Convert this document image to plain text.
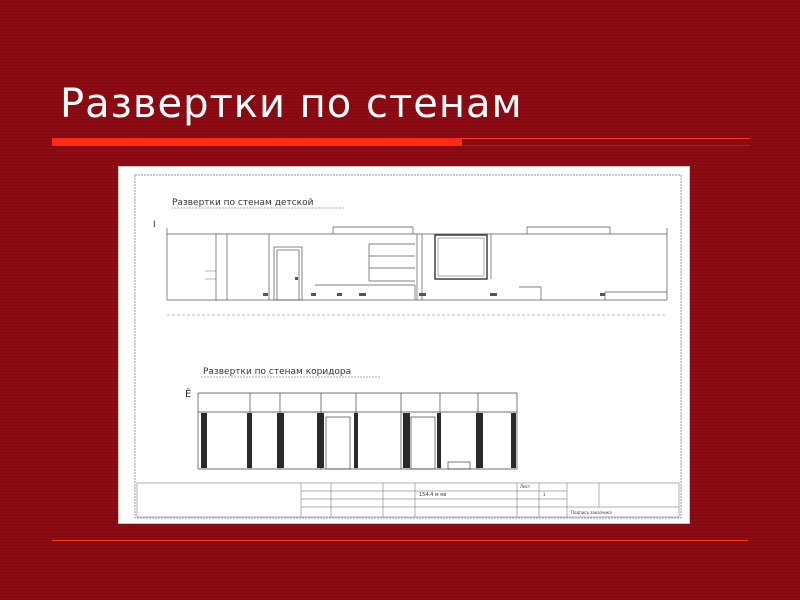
Развертки по стенам
Развертки по стенам детской
I
Развертки по стенам коридора
Ê
154.4 м кв
Лист
1
Подпись заказчика
